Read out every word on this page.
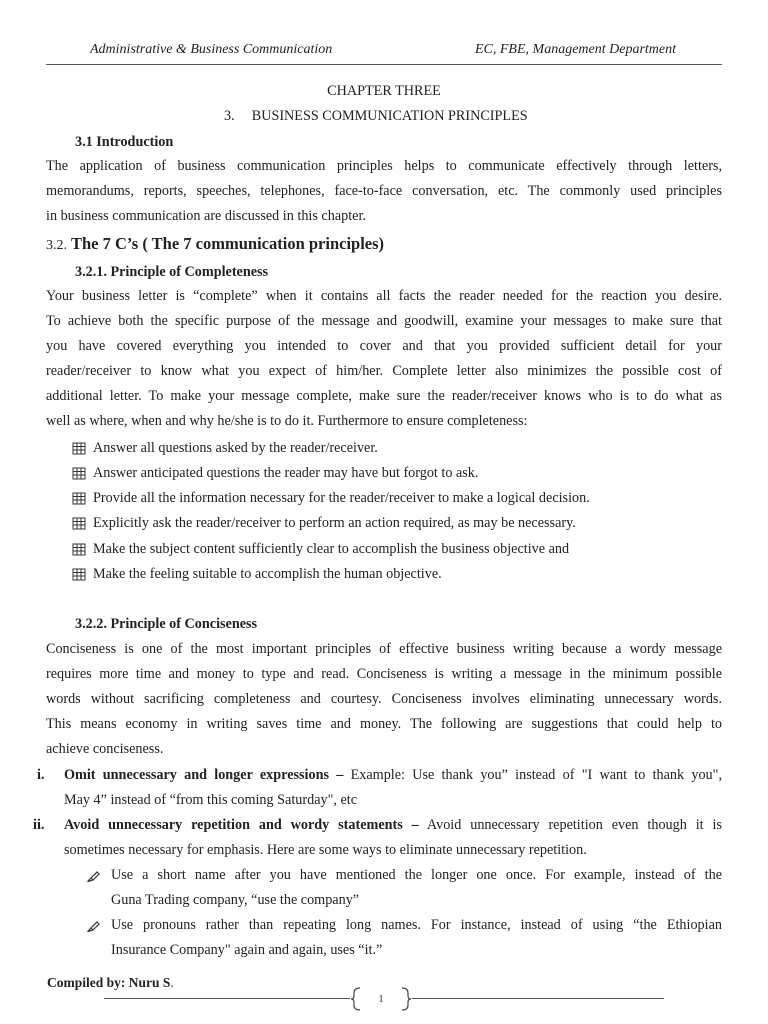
Administrative & Business Communication	EC, FBE, Management Department
CHAPTER THREE
3. BUSINESS COMMUNICATION PRINCIPLES
3.1 Introduction
The application of business communication principles helps to communicate effectively through letters,
memorandums, reports, speeches, telephones, face-to-face conversation, etc. The commonly used principles
in business communication are discussed in this chapter.
3.2. The 7 C’s ( The 7 communication principles)
3.2.1. Principle of Completeness
Your business letter is “complete” when it contains all facts the reader needed for the reaction you desire.
To achieve both the specific purpose of the message and goodwill, examine your messages to make sure that
you have covered everything you intended to cover and that you provided sufficient detail for your
reader/receiver to know what you expect of him/her. Complete letter also minimizes the possible cost of
additional letter. To make your message complete, make sure the reader/receiver knows who is to do what as
well as where, when and why he/she is to do it. Furthermore to ensure completeness:
Answer all questions asked by the reader/receiver.
Answer anticipated questions the reader may have but forgot to ask.
Provide all the information necessary for the reader/receiver to make a logical decision.
Explicitly ask the reader/receiver to perform an action required, as may be necessary.
Make the subject content sufficiently clear to accomplish the business objective and
Make the feeling suitable to accomplish the human objective.
3.2.2. Principle of Conciseness
Conciseness is one of the most important principles of effective business writing because a wordy message
requires more time and money to type and read. Conciseness is writing a message in the minimum possible
words without sacrificing completeness and courtesy. Conciseness involves eliminating unnecessary words.
This means economy in writing saves time and money. The following are suggestions that could help to
achieve conciseness.
i. Omit unnecessary and longer expressions – Example: Use thank you” instead of "I want to thank you",
May 4” instead of “from this coming Saturday", etc
ii. Avoid unnecessary repetition and wordy statements – Avoid unnecessary repetition even though it is
sometimes necessary for emphasis. Here are some ways to eliminate unnecessary repetition.
Use a short name after you have mentioned the longer one once. For example, instead of the
Guna Trading company, “use the company”
Use pronouns rather than repeating long names. For instance, instead of using “the Ethiopian
Insurance Company" again and again, uses “it.”
Compiled by: Nuru S.
1
